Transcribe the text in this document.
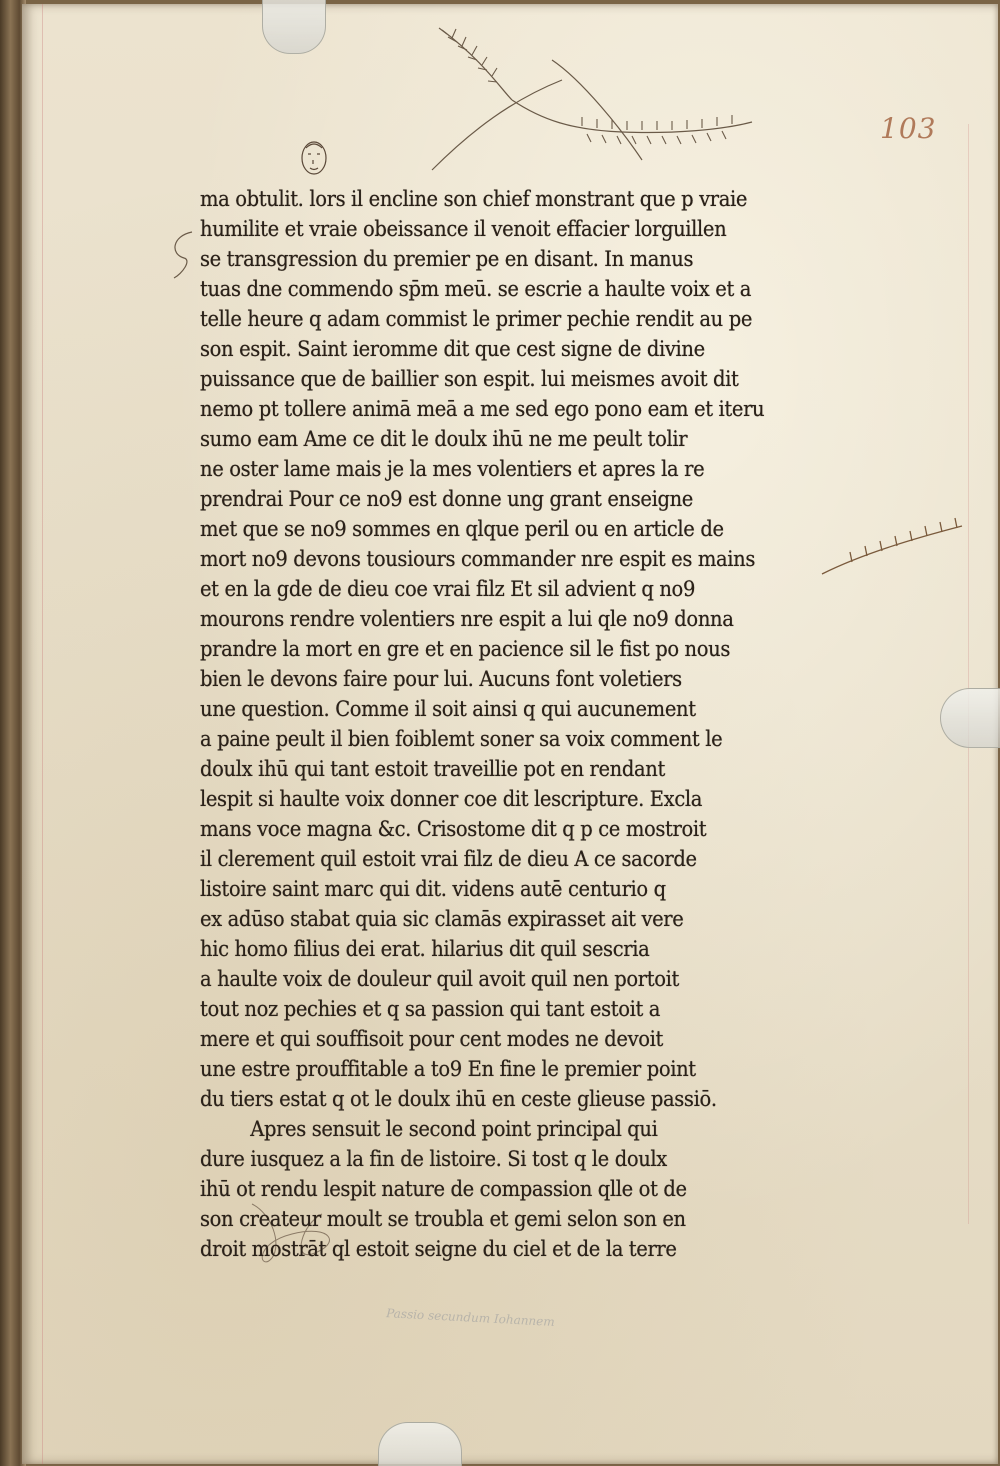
103
ma obtulit. lors il encline son chief monstrant que p vraie
humilite et vraie obeissance il venoit effacier lorguillen
se transgression du premier pe en disant. In manus
tuas dne commendo sp̄m meū. se escrie a haulte voix et a
telle heure q adam commist le primer pechie rendit au pe
son espit. Saint ieromme dit que cest signe de divine
puissance que de baillier son espit. lui meismes avoit dit
nemo pt tollere animā meā a me sed ego pono eam et iteru
sumo eam Ame ce dit le doulx ihū ne me peult tolir
ne oster lame mais je la mes volentiers et apres la re
prendrai Pour ce no9 est donne ung grant enseigne
met que se no9 sommes en qlque peril ou en article de
mort no9 devons tousiours commander nre espit es mains
et en la gde de dieu coe vrai filz Et sil advient q no9
mourons rendre volentiers nre espit a lui qle no9 donna
prandre la mort en gre et en pacience sil le fist po nous
bien le devons faire pour lui. Aucuns font voletiers
une question. Comme il soit ainsi q qui aucunement
a paine peult il bien foiblemt soner sa voix comment le
doulx ihū qui tant estoit traveillie pot en rendant
lespit si haulte voix donner coe dit lescripture. Excla
mans voce magna &c. Crisostome dit q p ce mostroit
il clerement quil estoit vrai filz de dieu A ce sacorde
listoire saint marc qui dit. videns autē centurio q
ex adūso stabat quia sic clamās expirasset ait vere
hic homo filius dei erat. hilarius dit quil sescria
a haulte voix de douleur quil avoit quil nen portoit
tout noz pechies et q sa passion qui tant estoit a
mere et qui souffisoit pour cent modes ne devoit
une estre prouffitable a to9 En fine le premier point
du tiers estat q ot le doulx ihū en ceste glieuse passiō.
Apres sensuit le second point principal qui
dure iusquez a la fin de listoire. Si tost q le doulx
ihū ot rendu lespit nature de compassion qlle ot de
son createur moult se troubla et gemi selon son en
droit mostrāt ql estoit seigne du ciel et de la terre
Passio secundum Iohannem
